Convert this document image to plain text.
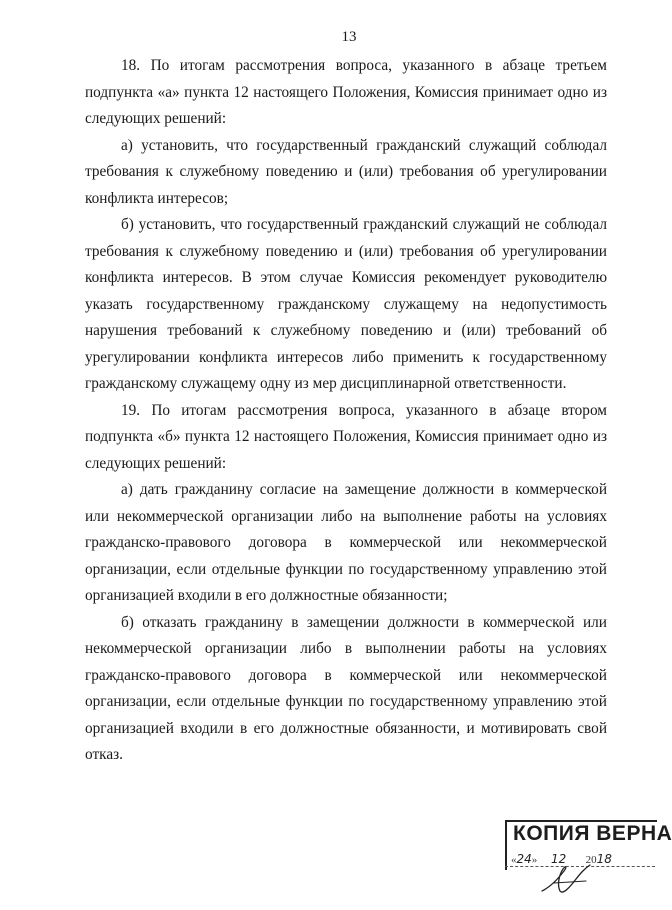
13

18. По итогам рассмотрения вопроса, указанного в абзаце третьем подпункта «а» пункта 12 настоящего Положения, Комиссия принимает одно из следующих решений:

а) установить, что государственный гражданский служащий соблюдал требования к служебному поведению и (или) требования об урегулировании конфликта интересов;

б) установить, что государственный гражданский служащий не соблюдал требования к служебному поведению и (или) требования об урегулировании конфликта интересов. В этом случае Комиссия рекомендует руководителю указать государственному гражданскому служащему на недопустимость нарушения требований к служебному поведению и (или) требований об урегулировании конфликта интересов либо применить к государственному гражданскому служащему одну из мер дисциплинарной ответственности.

19. По итогам рассмотрения вопроса, указанного в абзаце втором подпункта «б» пункта 12 настоящего Положения, Комиссия принимает одно из следующих решений:

а) дать гражданину согласие на замещение должности в коммерческой или некоммерческой организации либо на выполнение работы на условиях гражданско-правового договора в коммерческой или некоммерческой организации, если отдельные функции по государственному управлению этой организацией входили в его должностные обязанности;

б) отказать гражданину в замещении должности в коммерческой или некоммерческой организации либо в выполнении работы на условиях гражданско-правового договора в коммерческой или некоммерческой организации, если отдельные функции по государственному управлению этой организацией входили в его должностные обязанности, и мотивировать свой отказ.

КОПИЯ ВЕРНА
«24» 12 2018
